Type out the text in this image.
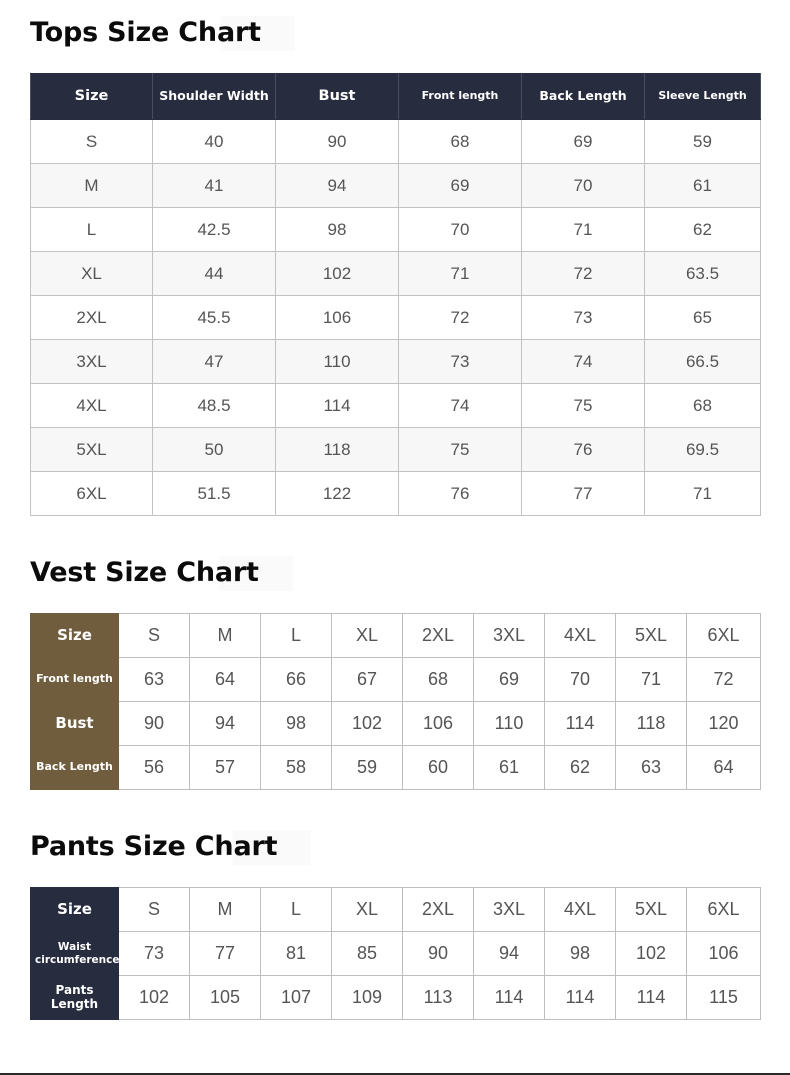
Tops Size Chart
Size	Shoulder Width	Bust	Front length	Back Length	Sleeve Length
S	40	90	68	69	59
M	41	94	69	70	61
L	42.5	98	70	71	62
XL	44	102	71	72	63.5
2XL	45.5	106	72	73	65
3XL	47	110	73	74	66.5
4XL	48.5	114	74	75	68
5XL	50	118	75	76	69.5
6XL	51.5	122	76	77	71
Vest Size Chart
Size	S	M	L	XL	2XL	3XL	4XL	5XL	6XL
Front length	63	64	66	67	68	69	70	71	72
Bust	90	94	98	102	106	110	114	118	120
Back Length	56	57	58	59	60	61	62	63	64
Pants Size Chart
Size	S	M	L	XL	2XL	3XL	4XL	5XL	6XL
Waist circumference	73	77	81	85	90	94	98	102	106
Pants Length	102	105	107	109	113	114	114	114	115
